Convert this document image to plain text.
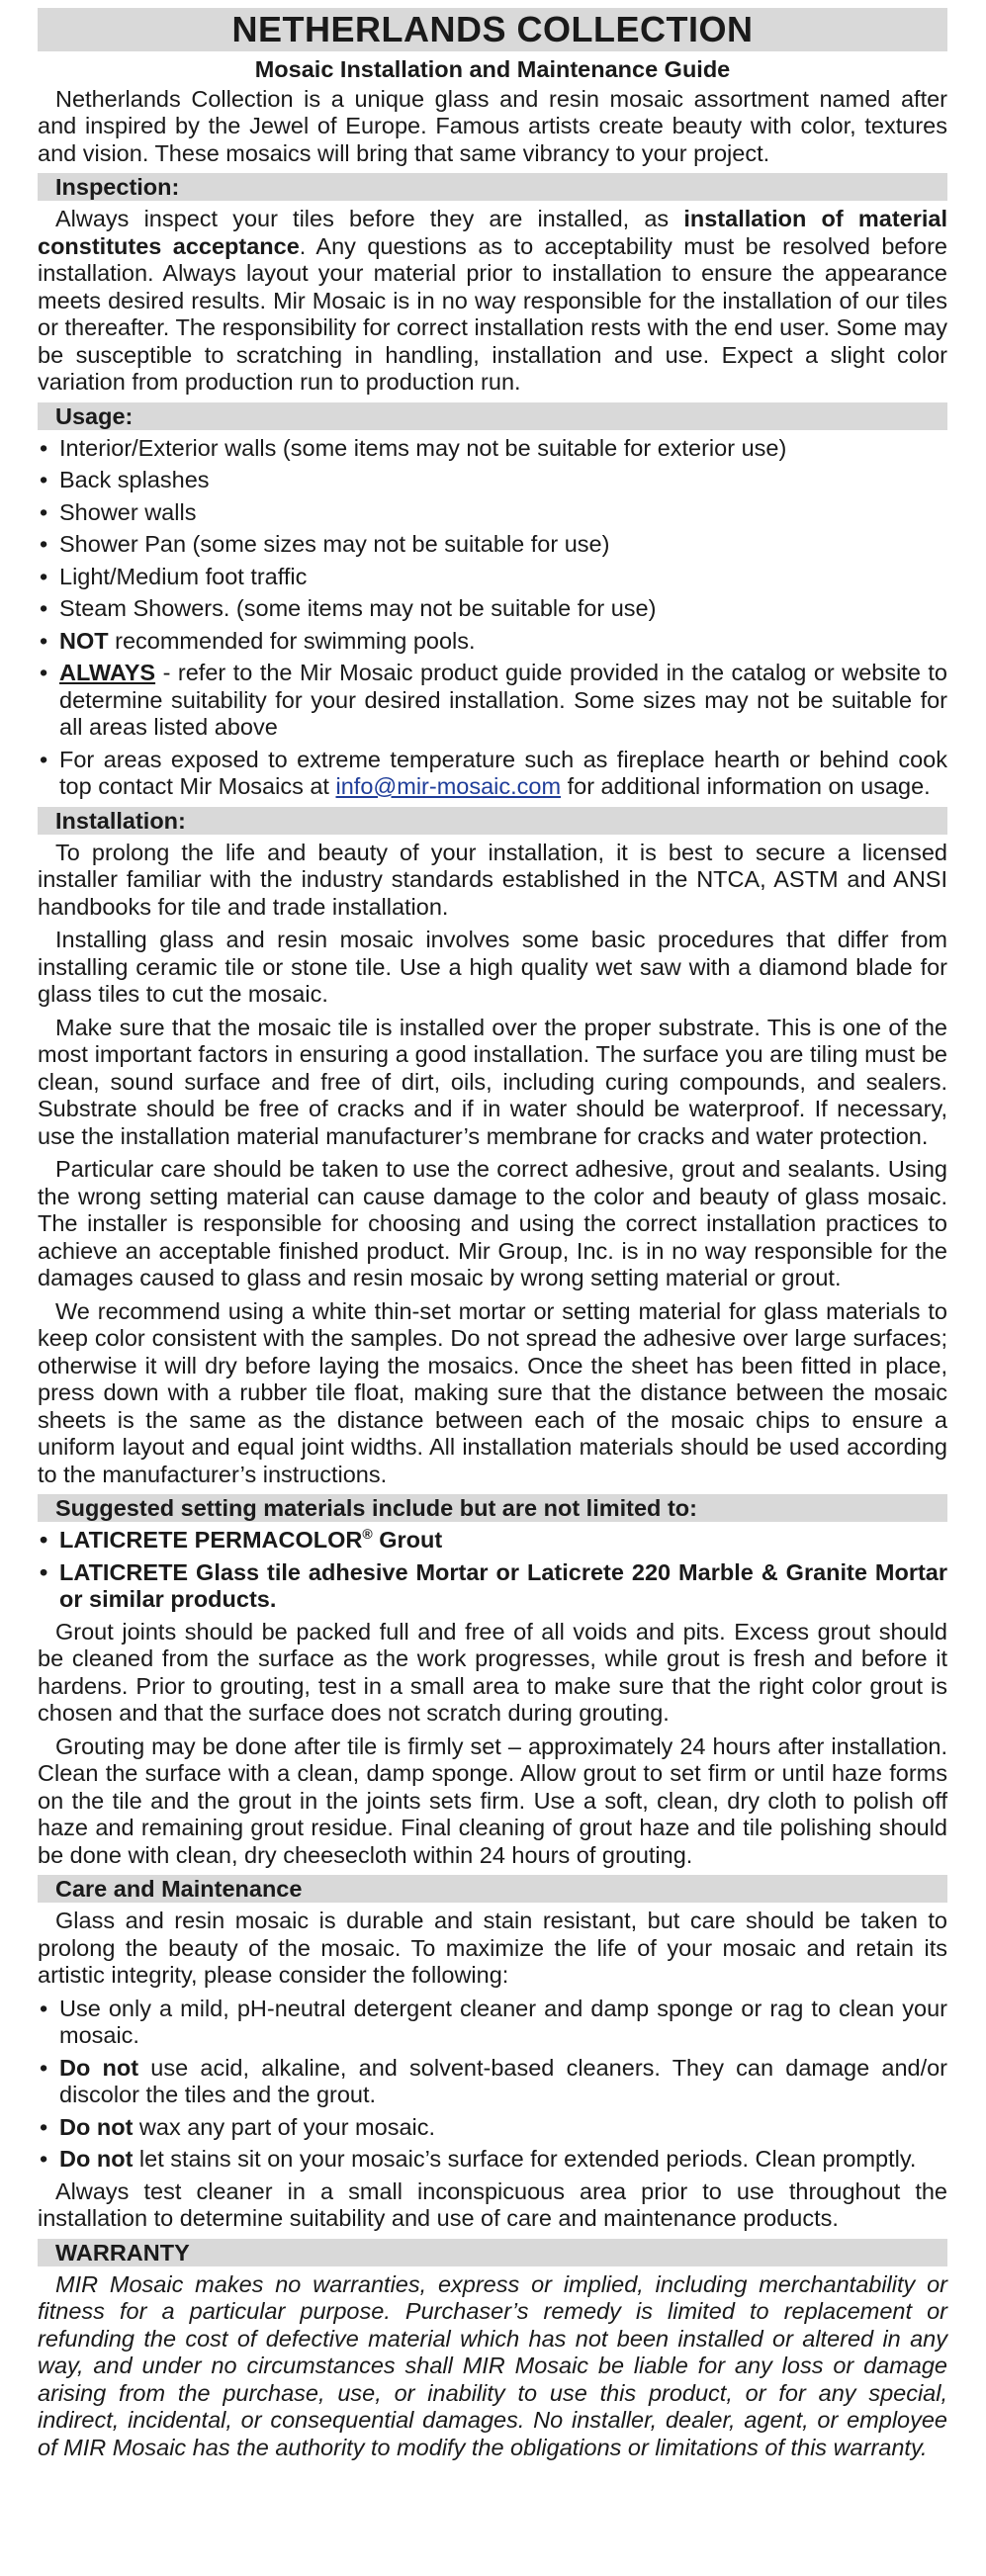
NETHERLANDS COLLECTION
Mosaic Installation and Maintenance Guide

Netherlands Collection is a unique glass and resin mosaic assortment named after and inspired by the Jewel of Europe. Famous artists create beauty with color, textures and vision. These mosaics will bring that same vibrancy to your project.

Inspection:

Always inspect your tiles before they are installed, as installation of material constitutes acceptance. Any questions as to acceptability must be resolved before installation. Always layout your material prior to installation to ensure the appearance meets desired results. Mir Mosaic is in no way responsible for the installation of our tiles or thereafter. The responsibility for correct installation rests with the end user. Some may be susceptible to scratching in handling, installation and use. Expect a slight color variation from production run to production run.

Usage:
• Interior/Exterior walls (some items may not be suitable for exterior use)
• Back splashes
• Shower walls
• Shower Pan (some sizes may not be suitable for use)
• Light/Medium foot traffic
• Steam Showers. (some items may not be suitable for use)
• NOT recommended for swimming pools.
• ALWAYS - refer to the Mir Mosaic product guide provided in the catalog or website to determine suitability for your desired installation. Some sizes may not be suitable for all areas listed above
• For areas exposed to extreme temperature such as fireplace hearth or behind cook top contact Mir Mosaics at info@mir-mosaic.com for additional information on usage.
Installation:

To prolong the life and beauty of your installation, it is best to secure a licensed installer familiar with the industry standards established in the NTCA, ASTM and ANSI handbooks for tile and trade installation.

Installing glass and resin mosaic involves some basic procedures that differ from installing ceramic tile or stone tile. Use a high quality wet saw with a diamond blade for glass tiles to cut the mosaic.

Make sure that the mosaic tile is installed over the proper substrate. This is one of the most important factors in ensuring a good installation. The surface you are tiling must be clean, sound surface and free of dirt, oils, including curing compounds, and sealers. Substrate should be free of cracks and if in water should be waterproof. If necessary, use the installation material manufacturer’s membrane for cracks and water protection.

Particular care should be taken to use the correct adhesive, grout and sealants. Using the wrong setting material can cause damage to the color and beauty of glass mosaic. The installer is responsible for choosing and using the correct installation practices to achieve an acceptable finished product. Mir Group, Inc. is in no way responsible for the damages caused to glass and resin mosaic by wrong setting material or grout.

We recommend using a white thin-set mortar or setting material for glass materials to keep color consistent with the samples. Do not spread the adhesive over large surfaces; otherwise it will dry before laying the mosaics. Once the sheet has been fitted in place, press down with a rubber tile float, making sure that the distance between the mosaic sheets is the same as the distance between each of the mosaic chips to ensure a uniform layout and equal joint widths. All installation materials should be used according to the manufacturer’s instructions.

Suggested setting materials include but are not limited to:
• LATICRETE PERMACOLOR® Grout
• LATICRETE Glass tile adhesive Mortar or Laticrete 220 Marble & Granite Mortar or similar products.

Grout joints should be packed full and free of all voids and pits. Excess grout should be cleaned from the surface as the work progresses, while grout is fresh and before it hardens. Prior to grouting, test in a small area to make sure that the right color grout is chosen and that the surface does not scratch during grouting.

Grouting may be done after tile is firmly set – approximately 24 hours after installation. Clean the surface with a clean, damp sponge. Allow grout to set firm or until haze forms on the tile and the grout in the joints sets firm. Use a soft, clean, dry cloth to polish off haze and remaining grout residue. Final cleaning of grout haze and tile polishing should be done with clean, dry cheesecloth within 24 hours of grouting.

Care and Maintenance

Glass and resin mosaic is durable and stain resistant, but care should be taken to prolong the beauty of the mosaic. To maximize the life of your mosaic and retain its artistic integrity, please consider the following:

• Use only a mild, pH-neutral detergent cleaner and damp sponge or rag to clean your mosaic.
• Do not use acid, alkaline, and solvent-based cleaners. They can damage and/or discolor the tiles and the grout.
• Do not wax any part of your mosaic.
• Do not let stains sit on your mosaic’s surface for extended periods. Clean promptly.

Always test cleaner in a small inconspicuous area prior to use throughout the installation to determine suitability and use of care and maintenance products.

WARRANTY

MIR Mosaic makes no warranties, express or implied, including merchantability or fitness for a particular purpose. Purchaser’s remedy is limited to replacement or refunding the cost of defective material which has not been installed or altered in any way, and under no circumstances shall MIR Mosaic be liable for any loss or damage arising from the purchase, use, or inability to use this product, or for any special, indirect, incidental, or consequential damages. No installer, dealer, agent, or employee of MIR Mosaic has the authority to modify the obligations or limitations of this warranty.
